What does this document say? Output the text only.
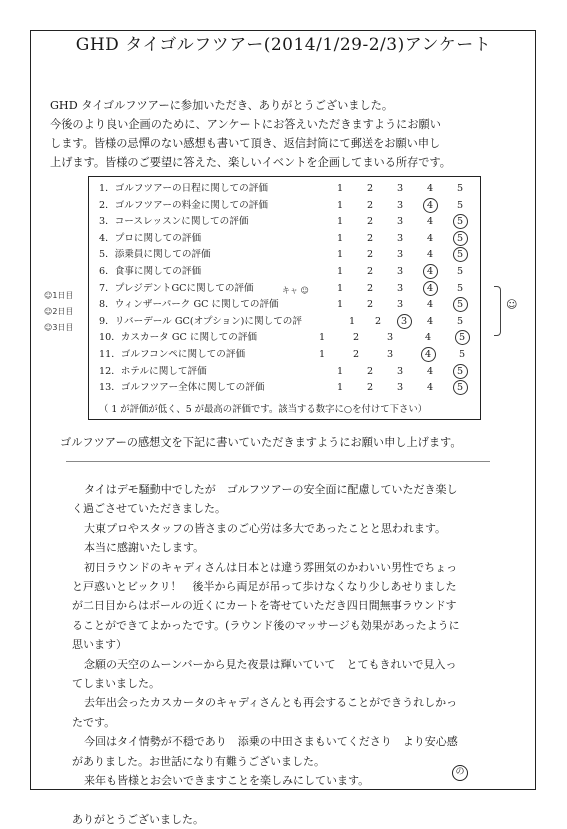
GHD タイゴルフツアー(2014/1/29-2/3)アンケート

GHD タイゴルフツアーに参加いただき、ありがとうございました。

今後のより良い企画のために、アンケートにお答えいただきますようにお願い

します。皆様の忌憚のない感想も書いて頂き、返信封筒にて郵送をお願い申し

上げます。皆様のご要望に答えた、楽しいイベントを企画してまいる所存です。

（ 1 が評価が低く、5 が最高の評価です。該当する数字に○を付けて下さい）
1．ゴルフツアーの日程に関しての評価	1	2	3	4	5
2．ゴルフツアーの料金に関しての評価	1	2	3	4	5
3．コースレッスンに関しての評価	1	2	3	4	5
4．プロに関しての評価	1	2	3	4	5
5．添乗員に関しての評価	1	2	3	4	5
6．食事に関しての評価	1	2	3	4	5
7．プレジデントGCに関しての評価	1	2	3	4	5
8．ウィンザーパーク GC に関しての評価	1	2	3	4	5
9．リバーデール GC(オプション)に関しての評	1	2	3	4	5
10．カスカータ GC に関しての評価	1	2	3	4	5
11．ゴルフコンペに関しての評価	1	2	3	4	5
12．ホテルに関して評価	1	2	3	4	5
13．ゴルフツアー全体に関しての評価	1	2	3	4	5
☺1日目
☺2日目
☺3日目
キャ ☺
☺
ゴルフツアーの感想文を下記に書いていただきますようにお願い申し上げます。

タイはデモ騒動中でしたが　ゴルフツアーの安全面に配慮していただき楽し

く過ごさせていただきました。

大東プロやスタッフの皆さまのご心労は多大であったことと思われます。

本当に感謝いたします。

初日ラウンドのキャディさんは日本とは違う雰囲気のかわいい男性でちょっ

と戸惑いとビックリ！　後半から両足が吊って歩けなくなり少しあせりました

が二日目からはボールの近くにカートを寄せていただき四日間無事ラウンドす

ることができてよかったです。(ラウンド後のマッサージも効果があったように

思います）

念願の天空のムーンバーから見た夜景は輝いていて　とてもきれいで見入っ

てしまいました。

去年出会ったカスカータのキャディさんとも再会することができうれしかっ

たです。

今回はタイ情勢が不穏であり　添乗の中田さまもいてくださり　より安心感

がありました。お世話になり有難うございました。

来年も皆様とお会いできますことを楽しみにしています。

ありがとうございました。

の
